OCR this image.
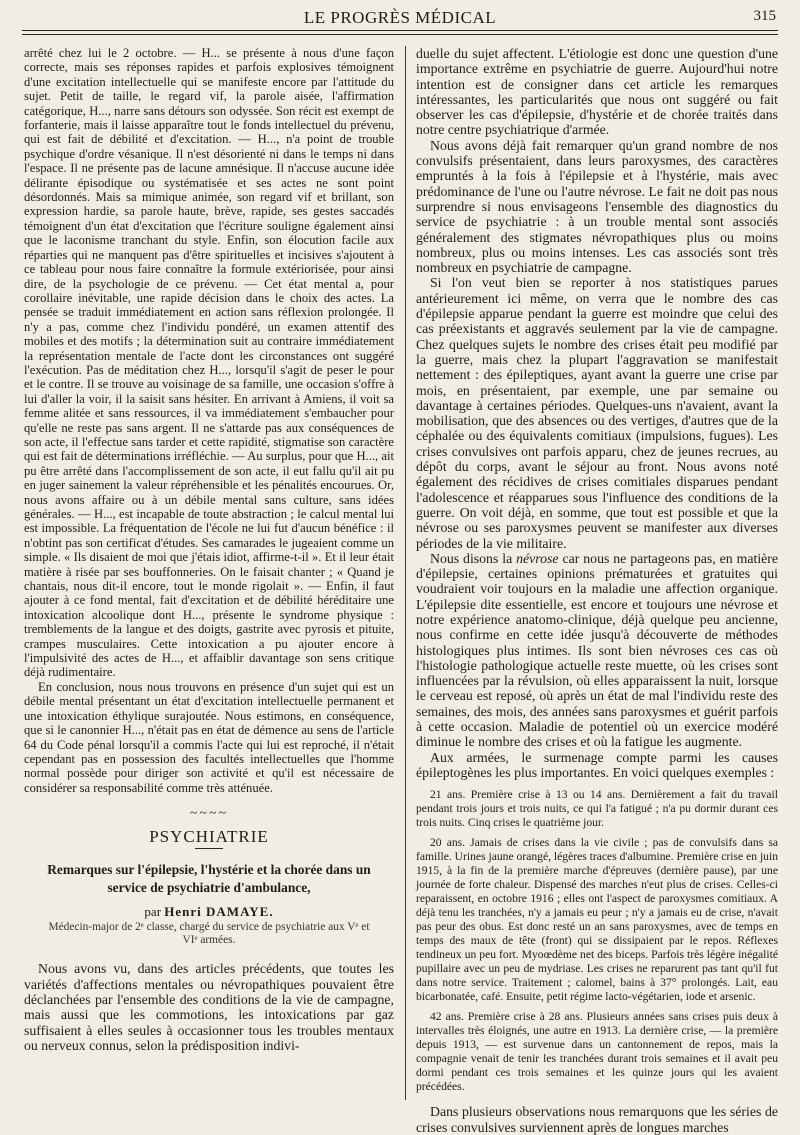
LE PROGRÈS MÉDICAL	315

arrêté chez lui le 2 octobre. — H... se présente à nous d'une façon correcte, mais ses réponses rapides et parfois explosives témoignent d'une excitation intellectuelle qui se manifeste encore par l'attitude du sujet. Petit de taille, le regard vif, la parole aisée, l'affirmation catégorique, H..., narre sans détours son odyssée. Son récit est exempt de forfanterie, mais il laisse apparaître tout le fonds intellectuel du prévenu, qui est fait de débilité et d'excitation. — H..., n'a point de trouble psychique d'ordre vésanique. Il n'est désorienté ni dans le temps ni dans l'espace. Il ne présente pas de lacune amnésique. Il n'accuse aucune idée délirante épisodique ou systématisée et ses actes ne sont point désordonnés. Mais sa mimique animée, son regard vif et brillant, son expression hardie, sa parole haute, brève, rapide, ses gestes saccadés témoignent d'un état d'excitation que l'écriture souligne également ainsi que le laconisme tranchant du style. Enfin, son élocution facile aux réparties qui ne manquent pas d'être spirituelles et incisives s'ajoutent à ce tableau pour nous faire connaître la formule extériorisée, pour ainsi dire, de la psychologie de ce prévenu. — Cet état mental a, pour corollaire inévitable, une rapide décision dans le choix des actes. La pensée se traduit immédiatement en action sans réflexion prolongée. Il n'y a pas, comme chez l'individu pondéré, un examen attentif des mobiles et des motifs ; la détermination suit au contraire immédiatement la représentation mentale de l'acte dont les circonstances ont suggéré l'exécution. Pas de méditation chez H..., lorsqu'il s'agit de peser le pour et le contre. Il se trouve au voisinage de sa famille, une occasion s'offre à lui d'aller la voir, il la saisit sans hésiter. En arrivant à Amiens, il voit sa femme alitée et sans ressources, il va immédiatement s'embaucher pour qu'elle ne reste pas sans argent. Il ne s'attarde pas aux conséquences de son acte, il l'effectue sans tarder et cette rapidité, stigmatise son caractère qui est fait de déterminations irréfléchie. — Au surplus, pour que H..., ait pu être arrêté dans l'accomplissement de son acte, il eut fallu qu'il ait pu en juger sainement la valeur répréhensible et les pénalités encourues. Or, nous avons affaire ou à un débile mental sans culture, sans idées générales. — H..., est incapable de toute abstraction ; le calcul mental lui est impossible. La fréquentation de l'école ne lui fut d'aucun bénéfice : il n'obtint pas son certificat d'études. Ses camarades le jugeaient comme un simple. « Ils disaient de moi que j'étais idiot, affirme-t-il ». Et il leur était matière à risée par ses bouffonneries. On le faisait chanter ; « Quand je chantais, nous dit-il encore, tout le monde rigolait ». — Enfin, il faut ajouter à ce fond mental, fait d'excitation et de débilité héréditaire une intoxication alcoolique dont H..., présente le syndrome physique : tremblements de la langue et des doigts, gastrite avec pyrosis et pituite, crampes musculaires. Cette intoxication a pu ajouter encore à l'impulsivité des actes de H..., et affaiblir davantage son sens critique déjà rudimentaire.

En conclusion, nous nous trouvons en présence d'un sujet qui est un débile mental présentant un état d'excitation intellectuelle permanent et une intoxication éthylique surajoutée. Nous estimons, en conséquence, que si le canonnier H..., n'était pas en état de démence au sens de l'article 64 du Code pénal lorsqu'il a commis l'acte qui lui est reproché, il n'était cependant pas en possession des facultés intellectuelles que l'homme normal possède pour diriger son activité et qu'il est nécessaire de considérer sa responsabilité comme très atténuée.

~~~~
PSYCHIATRIE
Remarques sur l'épilepsie, l'hystérie et la chorée dans un service de psychiatrie d'ambulance,
par Henri DAMAYE.
Médecin-major de 2ᵉ classe, chargé du service de psychiatrie aux Vᵉ et VIᵉ armées.

Nous avons vu, dans des articles précédents, que toutes les variétés d'affections mentales ou névropathiques pouvaient être déclanchées par l'ensemble des conditions de la vie de campagne, mais aussi que les commotions, les intoxications par gaz suffisaient à elles seules à occasionner tous les troubles mentaux ou nerveux connus, selon la prédisposition indivi-

duelle du sujet affectent. L'étiologie est donc une question d'une importance extrême en psychiatrie de guerre. Aujourd'hui notre intention est de consigner dans cet article les remarques intéressantes, les particularités que nous ont suggéré ou fait observer les cas d'épilepsie, d'hystérie et de chorée traités dans notre centre psychiatrique d'armée.

Nous avons déjà fait remarquer qu'un grand nombre de nos convulsifs présentaient, dans leurs paroxysmes, des caractères empruntés à la fois à l'épilepsie et à l'hystérie, mais avec prédominance de l'une ou l'autre névrose. Le fait ne doit pas nous surprendre si nous envisageons l'ensemble des diagnostics du service de psychiatrie : à un trouble mental sont associés généralement des stigmates névropathiques plus ou moins nombreux, plus ou moins intenses. Les cas associés sont très nombreux en psychiatrie de campagne.

Si l'on veut bien se reporter à nos statistiques parues antérieurement ici même, on verra que le nombre des cas d'épilepsie apparue pendant la guerre est moindre que celui des cas préexistants et aggravés seulement par la vie de campagne. Chez quelques sujets le nombre des crises était peu modifié par la guerre, mais chez la plupart l'aggravation se manifestait nettement : des épileptiques, ayant avant la guerre une crise par mois, en présentaient, par exemple, une par semaine ou davantage à certaines périodes. Quelques-uns n'avaient, avant la mobilisation, que des absences ou des vertiges, d'autres que de la céphalée ou des équivalents comitiaux (impulsions, fugues). Les crises convulsives ont parfois apparu, chez de jeunes recrues, au dépôt du corps, avant le séjour au front. Nous avons noté également des récidives de crises comitiales disparues pendant l'adolescence et réapparues sous l'influence des conditions de la guerre. On voit déjà, en somme, que tout est possible et que la névrose ou ses paroxysmes peuvent se manifester aux diverses périodes de la vie militaire.

Nous disons la névrose car nous ne partageons pas, en matière d'épilepsie, certaines opinions prématurées et gratuites qui voudraient voir toujours en la maladie une affection organique. L'épilepsie dite essentielle, est encore et toujours une névrose et notre expérience anatomo-clinique, déjà quelque peu ancienne, nous confirme en cette idée jusqu'à découverte de méthodes histologiques plus intimes. Ils sont bien névroses ces cas où l'histologie pathologique actuelle reste muette, où les crises sont influencées par la révulsion, où elles apparaissent la nuit, lorsque le cerveau est reposé, où après un état de mal l'individu reste des semaines, des mois, des années sans paroxysmes et guérit parfois à cette occasion. Maladie de potentiel où un exercice modéré diminue le nombre des crises et où la fatigue les augmente.

Aux armées, le surmenage compte parmi les causes épileptogènes les plus importantes. En voici quelques exemples :

21 ans. Première crise à 13 ou 14 ans. Dernièrement a fait du travail pendant trois jours et trois nuits, ce qui l'a fatigué ; n'a pu dormir durant ces trois nuits. Cinq crises le quatrième jour.

20 ans. Jamais de crises dans la vie civile ; pas de convulsifs dans sa famille. Urines jaune orangé, légères traces d'albumine. Première crise en juin 1915, à la fin de la première marche d'épreuves (dernière pause), par une journée de forte chaleur. Dispensé des marches n'eut plus de crises. Celles-ci reparaissent, en octobre 1916 ; elles ont l'aspect de paroxysmes comitiaux. A déjà tenu les tranchées, n'y a jamais eu peur ; n'y a jamais eu de crise, n'avait pas peur des obus. Est donc resté un an sans paroxysmes, avec de temps en temps des maux de tête (front) qui se dissipaient par le repos. Réflexes tendineux un peu fort. Myoœdème net des biceps. Parfois très légère inégalité pupillaire avec un peu de mydriase. Les crises ne reparurent pas tant qu'il fut dans notre service. Traitement ; calomel, bains à 37° prolongés. Lait, eau bicarbonatée, café. Ensuite, petit régime lacto-végétarien, iode et arsenic.

42 ans. Première crise à 28 ans. Plusieurs années sans crises puis deux à intervalles très éloignés, une autre en 1913. La dernière crise, — la première depuis 1913, — est survenue dans un cantonnement de repos, mais la compagnie venait de tenir les tranchées durant trois semaines et il avait peu dormi pendant ces trois semaines et les quinze jours qui les avaient précédées.

Dans plusieurs observations nous remarquons que les séries de crises convulsives surviennent après de longues marches
